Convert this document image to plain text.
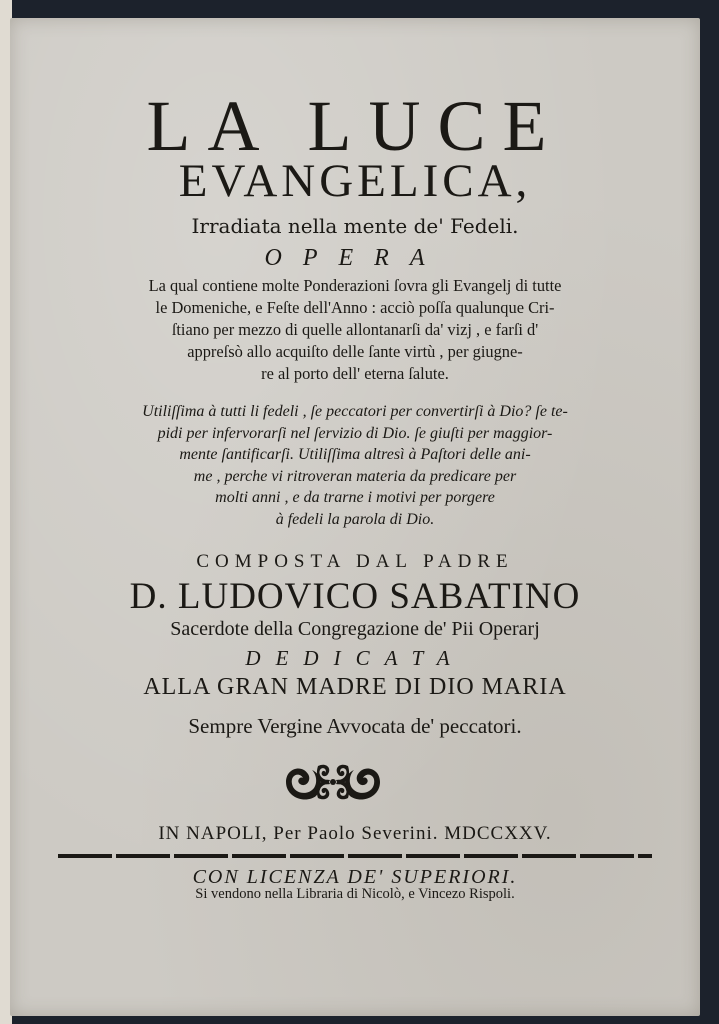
LA LUCE
EVANGELICA,
Irradiata nella mente de' Fedeli.
OPERA
La qual contiene molte Ponderazioni ſovra gli Evangelj di tutte
le Domeniche, e Feſte dell'Anno : acciò poſſa qualunque Cri-
ſtiano per mezzo di quelle allontanarſi da' vizj , e farſi d'
appreſsò allo acquiſto delle ſante virtù , per giugne-
re al porto dell' eterna ſalute.
Utiliſſima à tutti li fedeli , ſe peccatori per convertirſi à Dio? ſe te-
pidi per infervorarſi nel ſervizio di Dio. ſe giuſti per maggior-
mente ſantificarſi. Utiliſſima altresì à Paſtori delle ani-
me , perche vi ritroveran materia da predicare per
molti anni , e da trarne i motivi per porgere
à fedeli la parola di Dio.
COMPOSTA DAL PADRE
D. LUDOVICO SABATINO
Sacerdote della Congregazione de' Pii Operarj
DEDICATA
ALLA GRAN MADRE DI DIO MARIA
Sempre Vergine Avvocata de' peccatori.
IN NAPOLI, Per Paolo Severini. MDCCXXV.
CON LICENZA DE' SUPERIORI.
Si vendono nella Libraria di Nicolò, e Vincezo Rispoli.
